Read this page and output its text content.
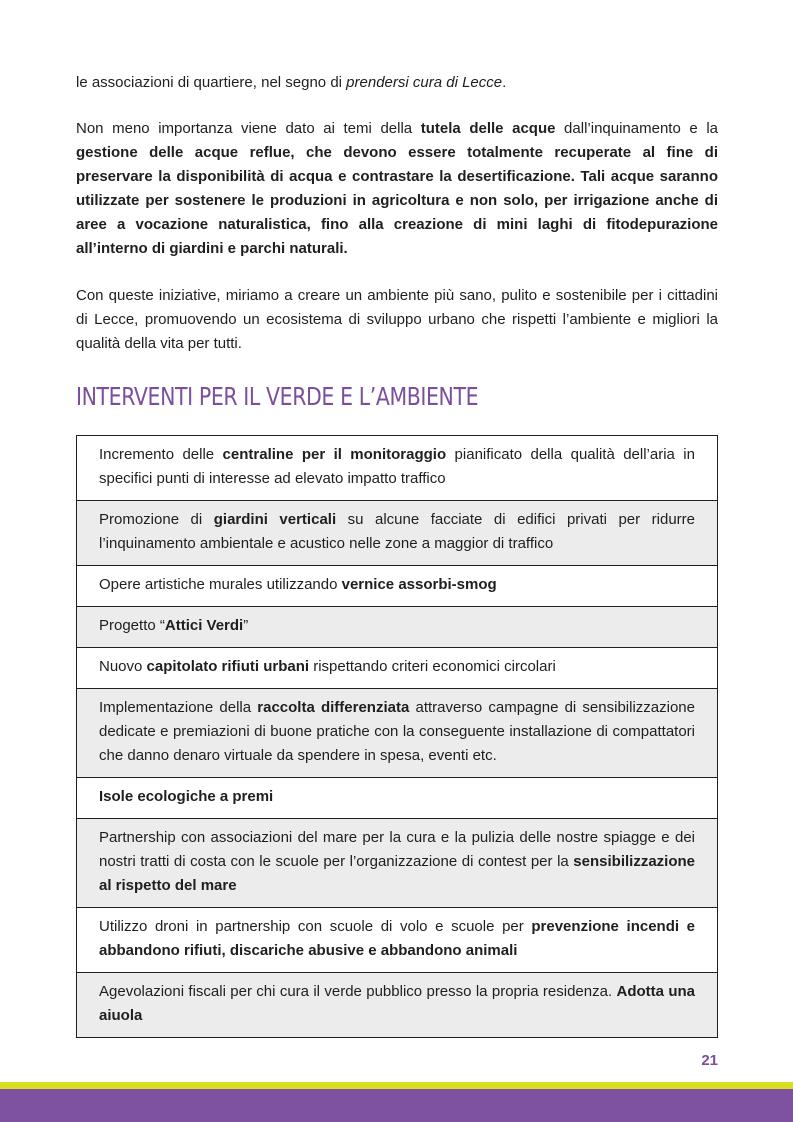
le associazioni di quartiere, nel segno di prendersi cura di Lecce.

Non meno importanza viene dato ai temi della tutela delle acque dall’inquinamento e la gestione delle acque reflue, che devono essere totalmente recuperate al fine di preservare la disponibilità di acqua e contrastare la desertificazione. Tali acque saranno utilizzate per sostenere le produzioni in agricoltura e non solo, per irrigazione anche di aree a vocazione naturalistica, fino alla creazione di mini laghi di fitodepurazione all’interno di giardini e parchi naturali.

Con queste iniziative, miriamo a creare un ambiente più sano, pulito e sostenibile per i cittadini di Lecce, promuovendo un ecosistema di sviluppo urbano che rispetti l’ambiente e migliori la qualità della vita per tutti.

INTERVENTI PER IL VERDE E L’AMBIENTE
Incremento delle centraline per il monitoraggio pianificato della qualità dell’aria in specifici punti di interesse ad elevato impatto traffico
Promozione di giardini verticali su alcune facciate di edifici privati per ridurre l’inquinamento ambientale e acustico nelle zone a maggior di traffico
Opere artistiche murales utilizzando vernice assorbi-smog
Progetto “Attici Verdi”
Nuovo capitolato rifiuti urbani rispettando criteri economici circolari
Implementazione della raccolta differenziata attraverso campagne di sensibilizzazione dedicate e premiazioni di buone pratiche con la conseguente installazione di compattatori che danno denaro virtuale da spendere in spesa, eventi etc.
Isole ecologiche a premi
Partnership con associazioni del mare per la cura e la pulizia delle nostre spiagge e dei nostri tratti di costa con le scuole per l’organizzazione di contest per la sensibilizzazione al rispetto del mare
Utilizzo droni in partnership con scuole di volo e scuole per prevenzione incendi e abbandono rifiuti, discariche abusive e abbandono animali
Agevolazioni fiscali per chi cura il verde pubblico presso la propria residenza. Adotta una aiuola
21
